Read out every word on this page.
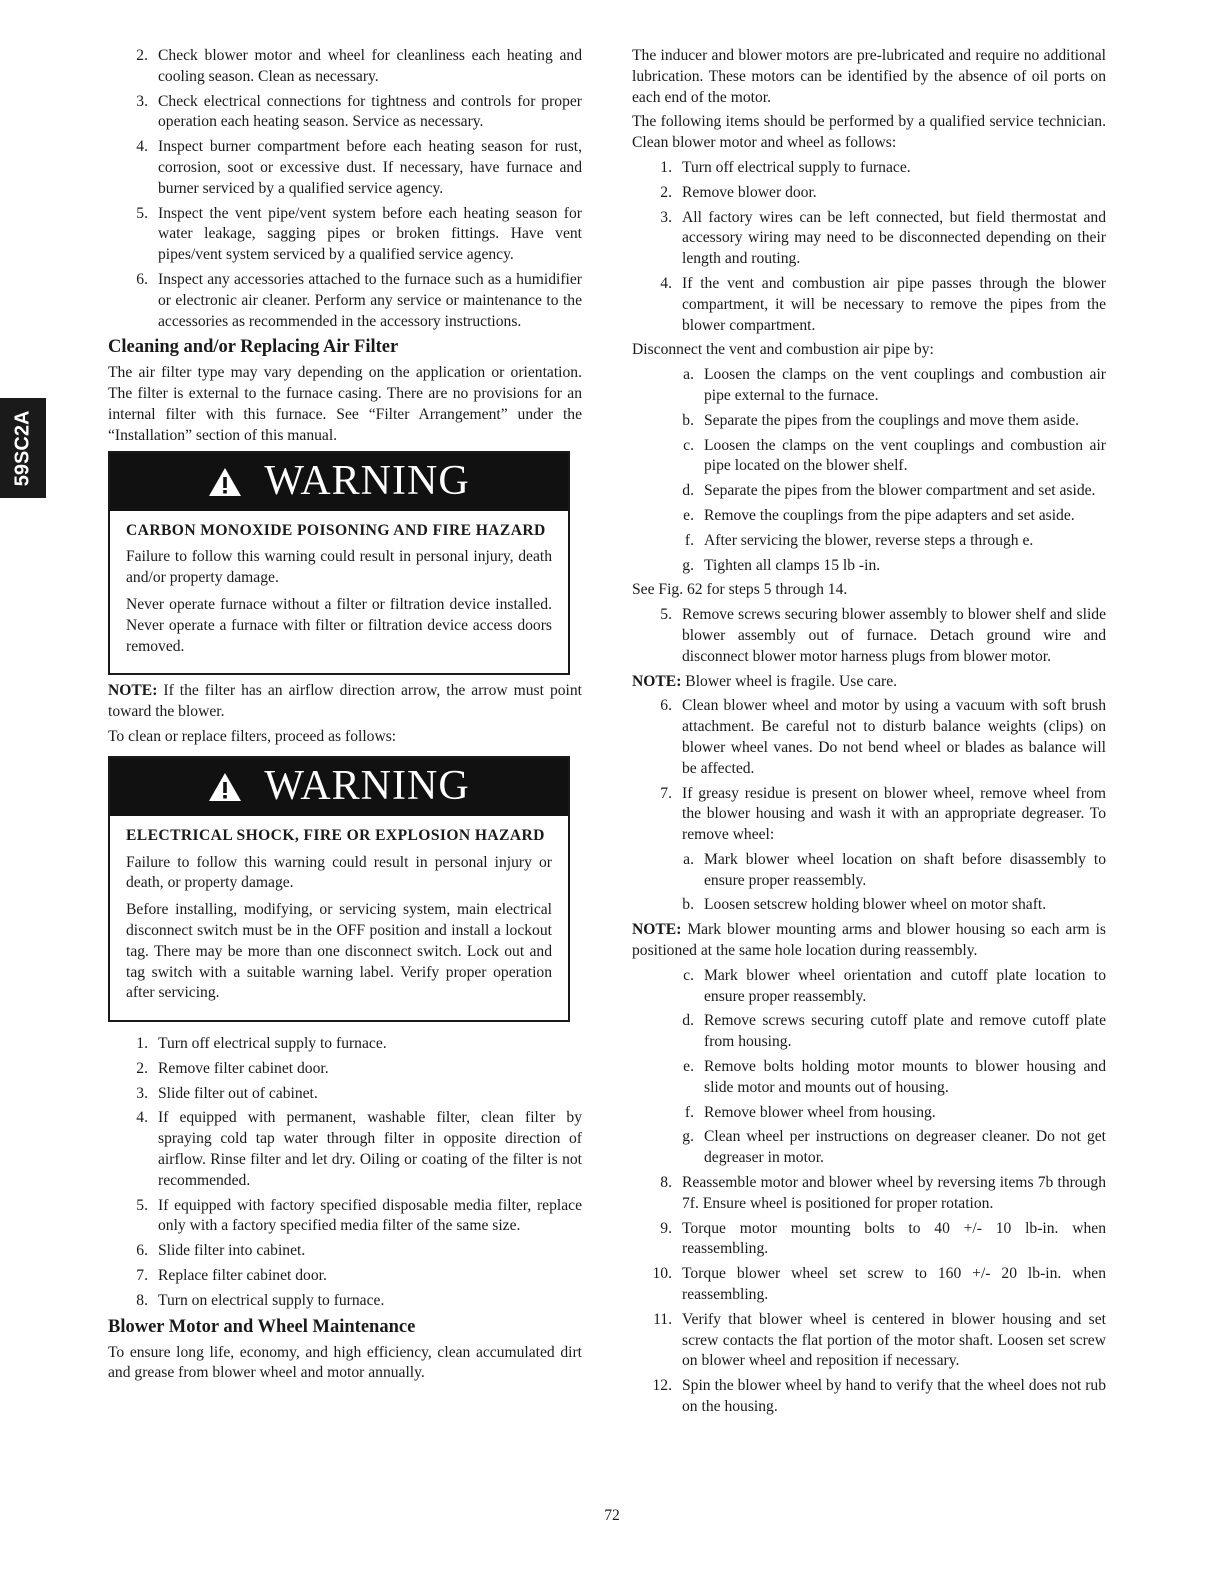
59SC2A
2. Check blower motor and wheel for cleanliness each heating and cooling season. Clean as necessary.
3. Check electrical connections for tightness and controls for proper operation each heating season. Service as necessary.
4. Inspect burner compartment before each heating season for rust, corrosion, soot or excessive dust. If necessary, have furnace and burner serviced by a qualified service agency.
5. Inspect the vent pipe/vent system before each heating season for water leakage, sagging pipes or broken fittings. Have vent pipes/vent system serviced by a qualified service agency.
6. Inspect any accessories attached to the furnace such as a humidifier or electronic air cleaner. Perform any service or maintenance to the accessories as recommended in the accessory instructions.
Cleaning and/or Replacing Air Filter

The air filter type may vary depending on the application or orientation. The filter is external to the furnace casing. There are no provisions for an internal filter with this furnace. See “Filter Arrangement” under the “Installation” section of this manual.

WARNING
CARBON MONOXIDE POISONING AND FIRE HAZARD

Failure to follow this warning could result in personal injury, death and/or property damage.

Never operate furnace without a filter or filtration device installed. Never operate a furnace with filter or filtration device access doors removed.

NOTE: If the filter has an airflow direction arrow, the arrow must point toward the blower.

To clean or replace filters, proceed as follows:

WARNING
ELECTRICAL SHOCK, FIRE OR EXPLOSION HAZARD

Failure to follow this warning could result in personal injury or death, or property damage.

Before installing, modifying, or servicing system, main electrical disconnect switch must be in the OFF position and install a lockout tag. There may be more than one disconnect switch. Lock out and tag switch with a suitable warning label. Verify proper operation after servicing.

1. Turn off electrical supply to furnace.
2. Remove filter cabinet door.
3. Slide filter out of cabinet.
4. If equipped with permanent, washable filter, clean filter by spraying cold tap water through filter in opposite direction of airflow. Rinse filter and let dry. Oiling or coating of the filter is not recommended.
5. If equipped with factory specified disposable media filter, replace only with a factory specified media filter of the same size.
6. Slide filter into cabinet.
7. Replace filter cabinet door.
8. Turn on electrical supply to furnace.
Blower Motor and Wheel Maintenance

To ensure long life, economy, and high efficiency, clean accumulated dirt and grease from blower wheel and motor annually.

The inducer and blower motors are pre-lubricated and require no additional lubrication. These motors can be identified by the absence of oil ports on each end of the motor.

The following items should be performed by a qualified service technician. Clean blower motor and wheel as follows:

1. Turn off electrical supply to furnace.
2. Remove blower door.
3. All factory wires can be left connected, but field thermostat and accessory wiring may need to be disconnected depending on their length and routing.
4. If the vent and combustion air pipe passes through the blower compartment, it will be necessary to remove the pipes from the blower compartment.

Disconnect the vent and combustion air pipe by:

a. Loosen the clamps on the vent couplings and combustion air pipe external to the furnace.
b. Separate the pipes from the couplings and move them aside.
c. Loosen the clamps on the vent couplings and combustion air pipe located on the blower shelf.
d. Separate the pipes from the blower compartment and set aside.
e. Remove the couplings from the pipe adapters and set aside.
f. After servicing the blower, reverse steps a through e.
g. Tighten all clamps 15 lb -in.

See Fig. 62 for steps 5 through 14.

5. Remove screws securing blower assembly to blower shelf and slide blower assembly out of furnace. Detach ground wire and disconnect blower motor harness plugs from blower motor.

NOTE: Blower wheel is fragile. Use care.

6. Clean blower wheel and motor by using a vacuum with soft brush attachment. Be careful not to disturb balance weights (clips) on blower wheel vanes. Do not bend wheel or blades as balance will be affected.
7. If greasy residue is present on blower wheel, remove wheel from the blower housing and wash it with an appropriate degreaser. To remove wheel:
a. Mark blower wheel location on shaft before disassembly to ensure proper reassembly.
b. Loosen setscrew holding blower wheel on motor shaft.

NOTE: Mark blower mounting arms and blower housing so each arm is positioned at the same hole location during reassembly.

c. Mark blower wheel orientation and cutoff plate location to ensure proper reassembly.
d. Remove screws securing cutoff plate and remove cutoff plate from housing.
e. Remove bolts holding motor mounts to blower housing and slide motor and mounts out of housing.
f. Remove blower wheel from housing.
g. Clean wheel per instructions on degreaser cleaner. Do not get degreaser in motor.
8. Reassemble motor and blower wheel by reversing items 7b through 7f. Ensure wheel is positioned for proper rotation.
9. Torque motor mounting bolts to 40 +/- 10 lb-in. when reassembling.
10. Torque blower wheel set screw to 160 +/- 20 lb-in. when reassembling.
11. Verify that blower wheel is centered in blower housing and set screw contacts the flat portion of the motor shaft. Loosen set screw on blower wheel and reposition if necessary.
12. Spin the blower wheel by hand to verify that the wheel does not rub on the housing.
72
